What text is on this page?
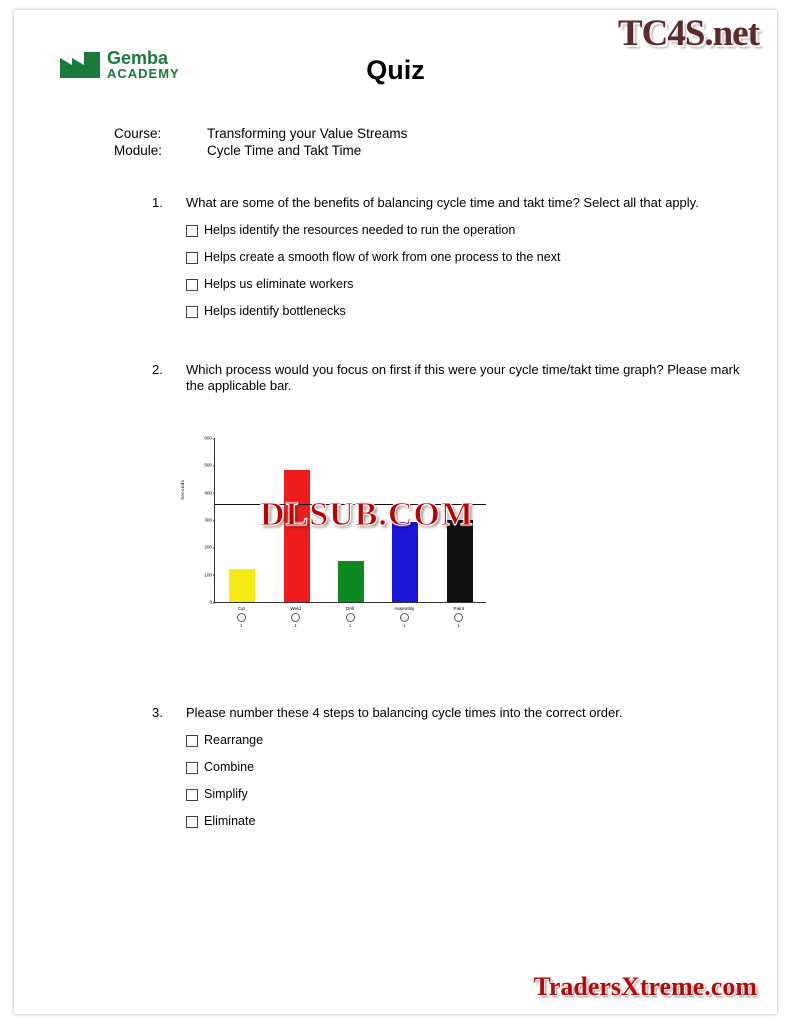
TC4S.net
Gemba
ACADEMY	Quiz
Course:	Transforming your Value Streams
Module:	Cycle Time and Takt Time
1.	What are some of the benefits of balancing cycle time and takt time? Select all that apply.
Helps identify the resources needed to run the operation
Helps create a smooth flow of work from one process to the next
Helps us eliminate workers
Helps identify bottlenecks
2.	Which process would you focus on first if this were your cycle time/takt time graph? Please mark the applicable bar.
Seconds
0
100
200
300
400
500
600
Cut
1
Weld
1
Drill
1
Assembly
1
Paint
1
DLSUB.COM
3.	Please number these 4 steps to balancing cycle times into the correct order.
Rearrange
Combine
Simplify
Eliminate
TradersXtreme.com
